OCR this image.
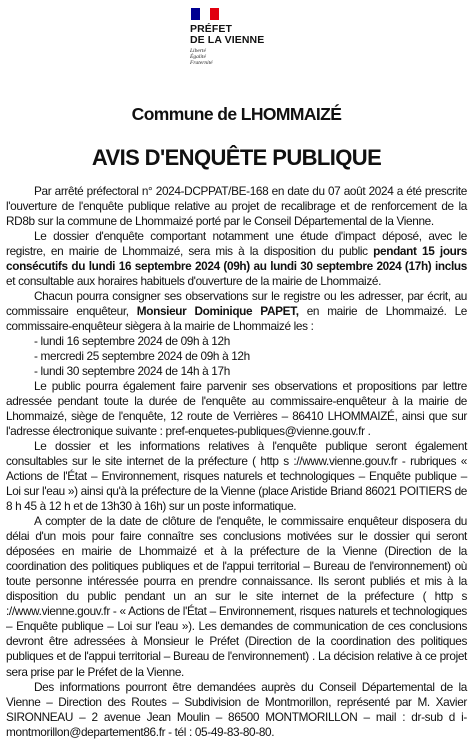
PRÉFET
DE LA VIENNE
Liberté
Égalité
Fraternité
Commune de LHOMMAIZÉ
AVIS D'ENQUÊTE PUBLIQUE

Par arrêté préfectoral n° 2024-DCPPAT/BE-168 en date du 07 août 2024 a été prescrite l'ouverture de l'enquête publique relative au projet de recalibrage et de renforcement de la RD8b sur la commune de Lhommaizé porté par le Conseil Départemental de la Vienne.

Le dossier d'enquête comportant notamment une étude d'impact déposé, avec le registre, en mairie de Lhommaizé, sera mis à la disposition du public pendant 15 jours consécutifs du lundi 16 septembre 2024 (09h) au lundi 30 septembre 2024 (17h) inclus et consultable aux horaires habituels d'ouverture de la mairie de Lhommaizé.

Chacun pourra consigner ses observations sur le registre ou les adresser, par écrit, au commissaire enquêteur, Monsieur Dominique PAPET, en mairie de Lhommaizé. Le commissaire-enquêteur siègera à la mairie de Lhommaizé les :

- lundi 16 septembre 2024 de 09h à 12h

- mercredi 25 septembre 2024 de 09h à 12h

- lundi 30 septembre 2024 de 14h à 17h

Le public pourra également faire parvenir ses observations et propositions par lettre adressée pendant toute la durée de l'enquête au commissaire-enquêteur à la mairie de Lhommaizé, siège de l'enquête, 12 route de Verrières – 86410 LHOMMAIZÉ, ainsi que sur l'adresse électronique suivante : pref-enquetes-publiques@vienne.gouv.fr .

Le dossier et les informations relatives à l'enquête publique seront également consultables sur le site internet de la préfecture ( http s ://www.vienne.gouv.fr - rubriques « Actions de l'État – Environnement, risques naturels et technologiques – Enquête publique – Loi sur l'eau ») ainsi qu'à la préfecture de la Vienne (place Aristide Briand 86021 POITIERS de 8 h 45 à 12 h et de 13h30 à 16h) sur un poste informatique.

A compter de la date de clôture de l'enquête, le commissaire enquêteur disposera du délai d'un mois pour faire connaître ses conclusions motivées sur le dossier qui seront déposées en mairie de Lhommaizé et à la préfecture de la Vienne (Direction de la coordination des politiques publiques et de l'appui territorial – Bureau de l'environnement) où toute personne intéressée pourra en prendre connaissance. Ils seront publiés et mis à la disposition du public pendant un an sur le site internet de la préfecture ( http s ://www.vienne.gouv.fr - « Actions de l'État – Environnement, risques naturels et technologiques – Enquête publique – Loi sur l'eau »). Les demandes de communication de ces conclusions devront être adressées à Monsieur le Préfet (Direction de la coordination des politiques publiques et de l'appui territorial – Bureau de l'environnement) . La décision relative à ce projet sera prise par le Préfet de la Vienne.

Des informations pourront être demandées auprès du Conseil Départemental de la Vienne – Direction des Routes – Subdivision de Montmorillon, représenté par M. Xavier SIRONNEAU – 2 avenue Jean Moulin – 86500 MONTMORILLON – mail : dr-sub d i-montmorillon@departement86.fr - tél : 05-49-83-80-80.
